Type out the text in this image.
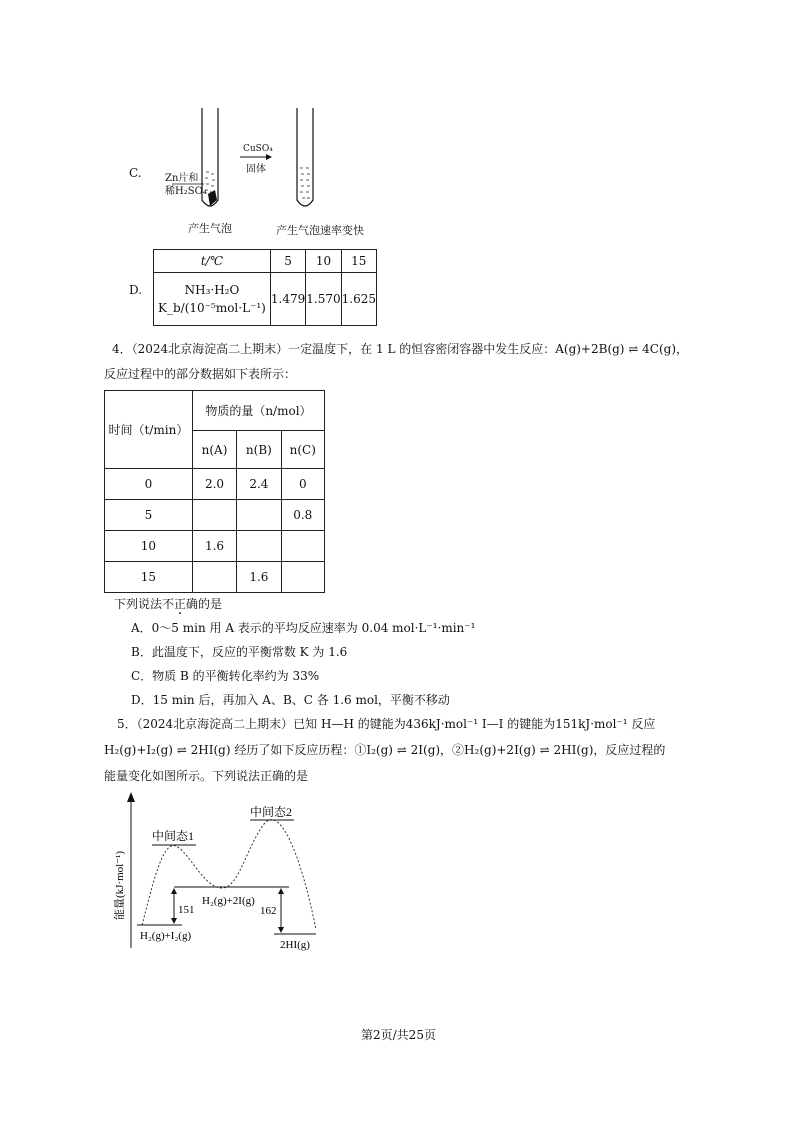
C. Zn片和
稀H₂SO₄
CuSO₄
固体
产生气泡	产生气泡速率变快
D.
t/℃	5	10	15

NH₃·H₂O
K_b/(10⁻⁵mol·L⁻¹)	1.479	1.570	1.625
4．（2024北京海淀高二上期末）一定温度下，在 1 L 的恒容密闭容器中发生反应：A(g)+2B(g) ⇌ 4C(g)，
反应过程中的部分数据如下表所示：
时间（t/min）	物质的量（n/mol）		
	n(A)	n(B)	n(C)
0	2.0	2.4	0
5			0.8
10	1.6		
15		1.6	
下列说法不正确的是
A．0～5 min 用 A 表示的平均反应速率为 0.04 mol·L⁻¹·min⁻¹
B．此温度下，反应的平衡常数 K 为 1.6
C．物质 B 的平衡转化率约为 33%
D．15 min 后，再加入 A、B、C 各 1.6 mol，平衡不移动
5．（2024北京海淀高二上期末）已知 H—H 的键能为436kJ·mol⁻¹ I—I 的键能为151kJ·mol⁻¹ 反应
H₂(g)+I₂(g) ⇌ 2HI(g) 经历了如下反应历程：①I₂(g) ⇌ 2I(g)，②H₂(g)+2I(g) ⇌ 2HI(g)，反应过程的
能量变化如图所示。下列说法正确的是
能量(kJ·mol⁻¹)
中间态1
中间态2
H₂(g)+I₂(g)
H₂(g)+2I(g)
2HI(g)
151	162
第2页/共25页
